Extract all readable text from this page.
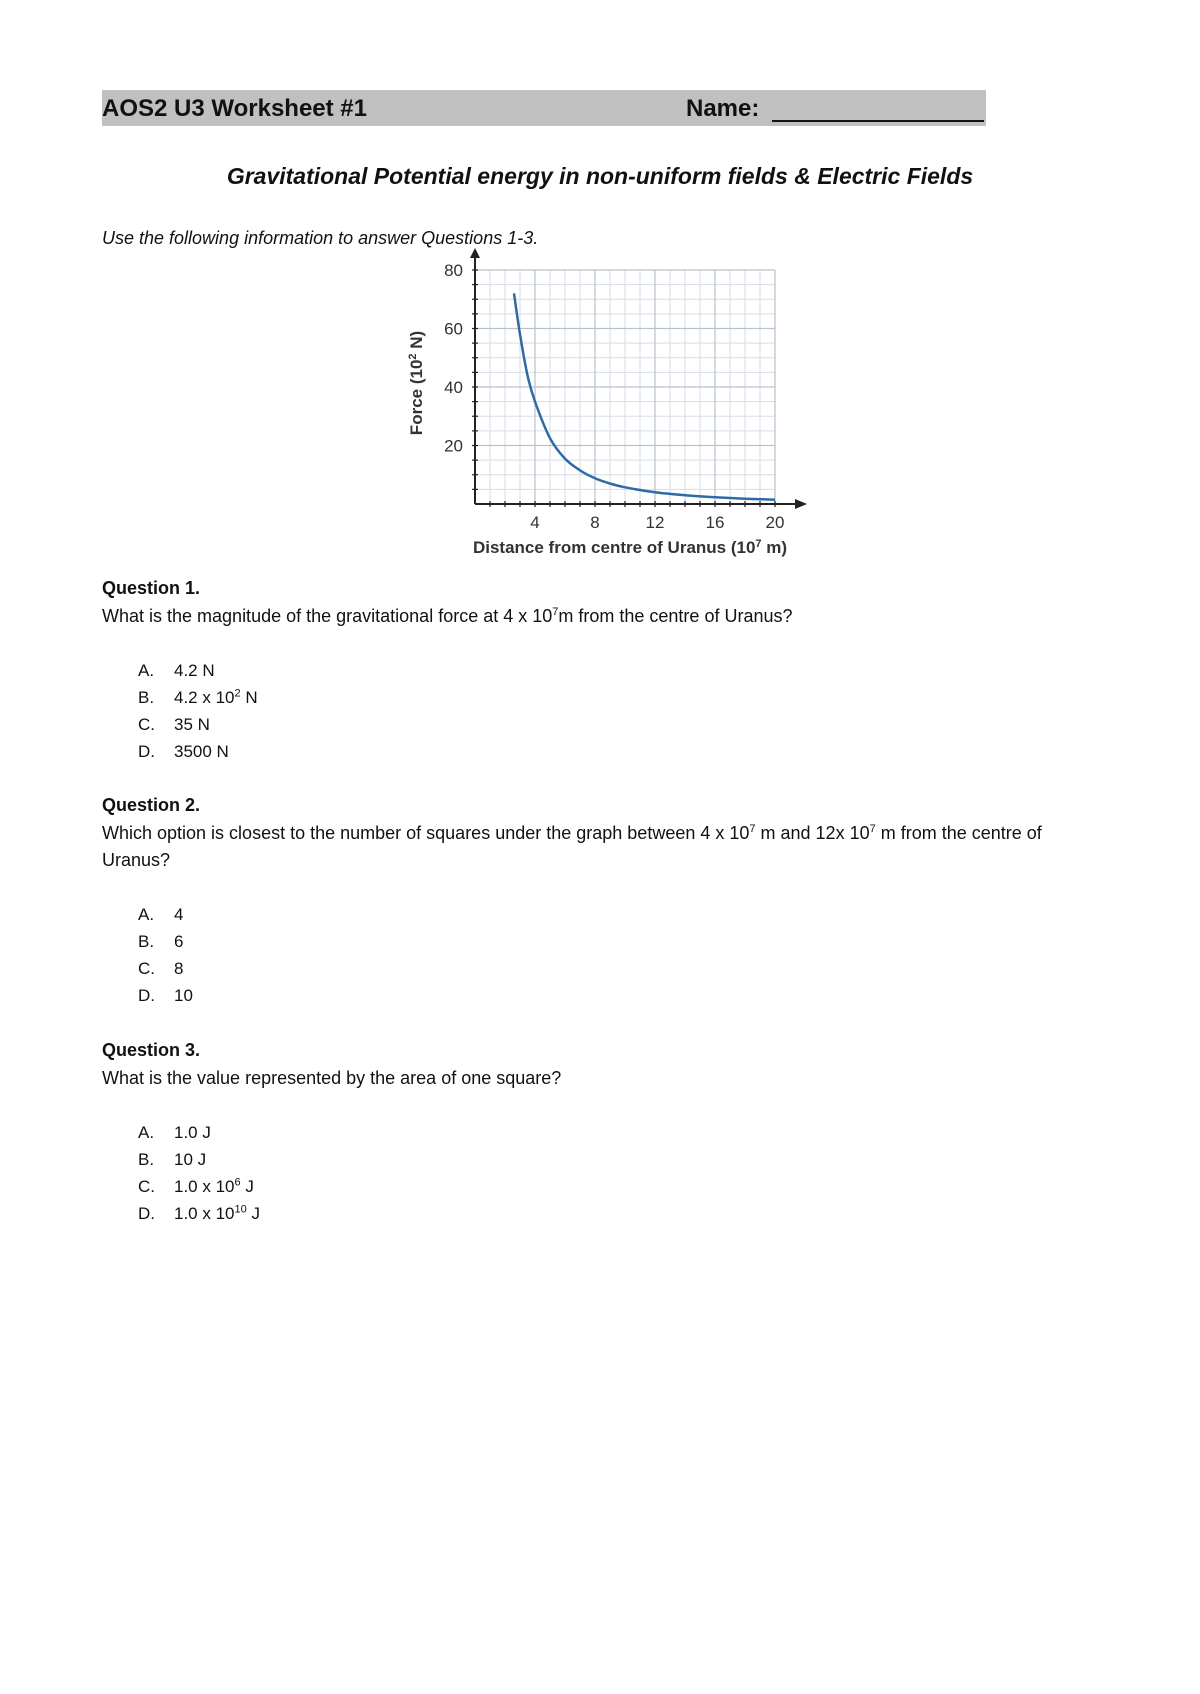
AOS2 U3 Worksheet #1	Name:
Gravitational Potential energy in non-uniform fields & Electric Fields
Use the following information to answer Questions 1-3.
4	8	12 16 20
20
40
60
80
Force ($10^2$ N)
Distance from centre of Uranus ($10^7$ m)
Question 1.
What is the magnitude of the gravitational force at 4 x $10^7m$ from the centre of Uranus?
A.	4.2 N
B.	4.2 x $10^2$ N
C.	35 N
D.	3500 N
Question 2.
Which option is closest to the number of squares under the graph between 4 x $10^7$ m and 12x $10^7$ m from the centre of Uranus?
A.	4
B.	6
C.	8
D.	10
Question 3.
What is the value represented by the area of one square?
A.	1.0 J
B.	10 J
C.	1.0 x $10^6$ J
D.	1.0 x $10^{10}$ J
